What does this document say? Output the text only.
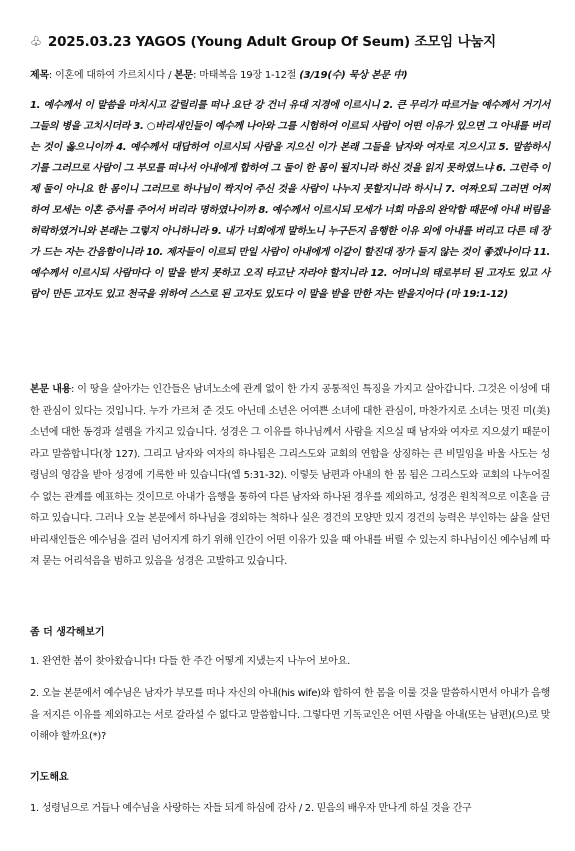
♧ 2025.03.23 YAGOS (Young Adult Group Of Seum) 조모임 나눔지
제목: 이혼에 대하여 가르치시다 / 본문: 마태복음 19장 1-12절 (3/19(수) 묵상 본문 中)
1. 예수께서 이 말씀을 마치시고 갈릴리를 떠나 요단 강 건너 유대 지경에 이르시니 2. 큰 무리가 따르거늘 예수께서 거기서 그들의 병을 고치시더라 3. ○바리새인들이 예수께 나아와 그를 시험하여 이르되 사람이 어떤 이유가 있으면 그 아내를 버리는 것이 옳으니이까 4. 예수께서 대답하여 이르시되 사람을 지으신 이가 본래 그들을 남자와 여자로 지으시고 5. 말씀하시기를 그러므로 사람이 그 부모를 떠나서 아내에게 합하여 그 둘이 한 몸이 될지니라 하신 것을 읽지 못하였느냐 6. 그런즉 이제 둘이 아니요 한 몸이니 그러므로 하나님이 짝지어 주신 것을 사람이 나누지 못할지니라 하시니 7. 여짜오되 그러면 어찌하여 모세는 이혼 증서를 주어서 버리라 명하였나이까 8. 예수께서 이르시되 모세가 너희 마음의 완악함 때문에 아내 버림을 허락하였거니와 본래는 그렇지 아니하니라 9. 내가 너희에게 말하노니 누구든지 음행한 이유 외에 아내를 버리고 다른 데 장가 드는 자는 간음함이니라 10. 제자들이 이르되 만일 사람이 아내에게 이같이 할진대 장가 들지 않는 것이 좋겠나이다 11. 예수께서 이르시되 사람마다 이 말을 받지 못하고 오직 타고난 자라야 할지니라 12. 어머니의 태로부터 된 고자도 있고 사람이 만든 고자도 있고 천국을 위하여 스스로 된 고자도 있도다 이 말을 받을 만한 자는 받을지어다 (마 19:1-12)
본문 내용: 이 땅을 살아가는 인간들은 남녀노소에 관계 없이 한 가지 공통적인 특징을 가지고 살아갑니다. 그것은 이성에 대한 관심이 있다는 것입니다. 누가 가르쳐 준 것도 아닌데 소년은 어여쁜 소녀에 대한 관심이, 마찬가지로 소녀는 멋진 미(美)소년에 대한 동경과 설렘을 가지고 있습니다. 성경은 그 이유를 하나님께서 사람을 지으실 때 남자와 여자로 지으셨기 때문이라고 말씀합니다(창 127). 그리고 남자와 여자의 하나됨은 그리스도와 교회의 연합을 상징하는 큰 비밀임을 바울 사도는 성령님의 영감을 받아 성경에 기록한 바 있습니다(엡 5:31-32). 이렇듯 남편과 아내의 한 몸 됨은 그리스도와 교회의 나누어질 수 없는 관계를 예표하는 것이므로 아내가 음행을 통하여 다른 남자와 하나된 경우를 제외하고, 성경은 원칙적으로 이혼을 금하고 있습니다. 그러나 오늘 본문에서 하나님을 경외하는 척하나 실은 경건의 모양만 있지 경건의 능력은 부인하는 삶을 살던 바리새인들은 예수님을 걸러 넘어지게 하기 위해 인간이 어떤 이유가 있을 때 아내를 버릴 수 있는지 하나님이신 예수님께 따져 묻는 어리석음을 범하고 있음을 성경은 고발하고 있습니다.
좀 더 생각해보기
1. 완연한 봄이 찾아왔습니다! 다들 한 주간 어떻게 지냈는지 나누어 보아요.
2. 오늘 본문에서 예수님은 남자가 부모를 떠나 자신의 아내(his wife)와 합하여 한 몸을 이룰 것을 말씀하시면서 아내가 음행을 저지른 이유를 제외하고는 서로 갈라설 수 없다고 말씀합니다. 그렇다면 기독교인은 어떤 사람을 아내(또는 남편)(으)로 맞이해야 할까요(*)?
기도해요
1. 성령님으로 거듭나 예수님을 사랑하는 자들 되게 하심에 감사 / 2. 믿음의 배우자 만나게 하실 것을 간구
